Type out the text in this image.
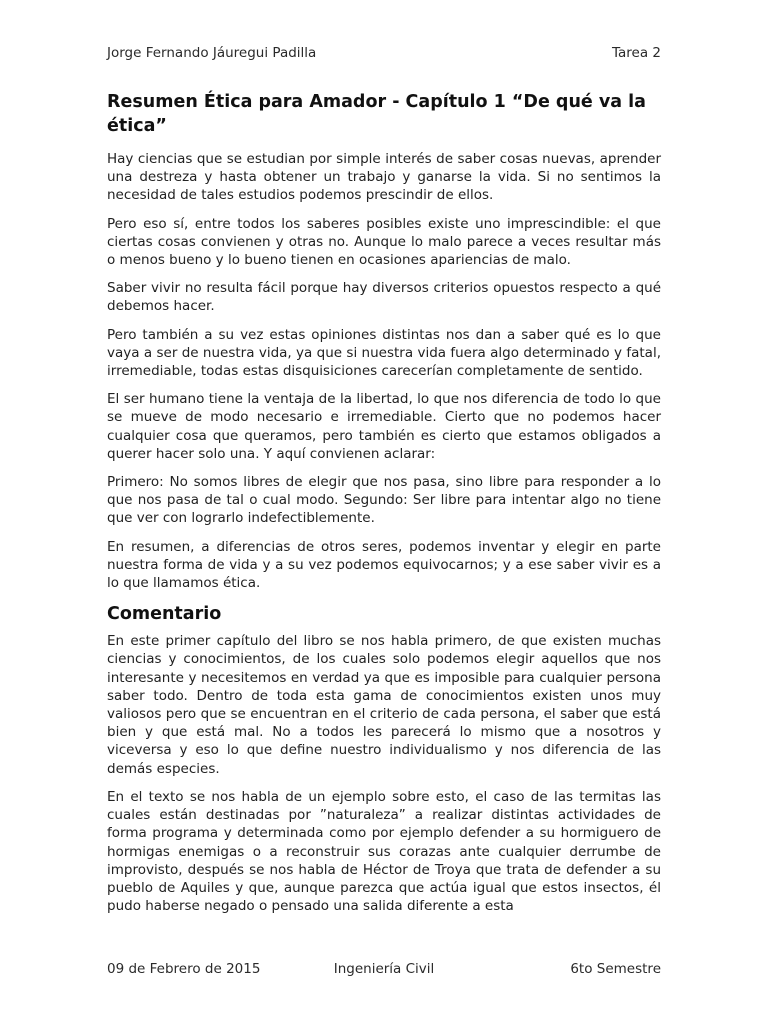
Jorge Fernando Jáuregui Padilla	Tarea 2
Resumen Ética para Amador - Capítulo 1 “De qué va la ética”

Hay ciencias que se estudian por simple interés de saber cosas nuevas, aprender una destreza y hasta obtener un trabajo y ganarse la vida. Si no sentimos la necesidad de tales estudios podemos prescindir de ellos.

Pero eso sí, entre todos los saberes posibles existe uno imprescindible: el que ciertas cosas convienen y otras no. Aunque lo malo parece a veces resultar más o menos bueno y lo bueno tienen en ocasiones apariencias de malo.

Saber vivir no resulta fácil porque hay diversos criterios opuestos respecto a qué debemos hacer.

Pero también a su vez estas opiniones distintas nos dan a saber qué es lo que vaya a ser de nuestra vida, ya que si nuestra vida fuera algo determinado y fatal, irremediable, todas estas disquisiciones carecerían completamente de sentido.

El ser humano tiene la ventaja de la libertad, lo que nos diferencia de todo lo que se mueve de modo necesario e irremediable. Cierto que no podemos hacer cualquier cosa que queramos, pero también es cierto que estamos obligados a querer hacer solo una. Y aquí convienen aclarar:

Primero: No somos libres de elegir que nos pasa, sino libre para responder a lo que nos pasa de tal o cual modo. Segundo: Ser libre para intentar algo no tiene que ver con lograrlo indefectiblemente.

En resumen, a diferencias de otros seres, podemos inventar y elegir en parte nuestra forma de vida y a su vez podemos equivocarnos; y a ese saber vivir es a lo que llamamos ética.

Comentario

En este primer capítulo del libro se nos habla primero, de que existen muchas ciencias y conocimientos, de los cuales solo podemos elegir aquellos que nos interesante y necesitemos en verdad ya que es imposible para cualquier persona saber todo. Dentro de toda esta gama de conocimientos existen unos muy valiosos pero que se encuentran en el criterio de cada persona, el saber que está bien y que está mal. No a todos les parecerá lo mismo que a nosotros y viceversa y eso lo que define nuestro individualismo y nos diferencia de las demás especies.

En el texto se nos habla de un ejemplo sobre esto, el caso de las termitas las cuales están destinadas por ”naturaleza” a realizar distintas actividades de forma programa y determinada como por ejemplo defender a su hormiguero de hormigas enemigas o a reconstruir sus corazas ante cualquier derrumbe de improvisto, después se nos habla de Héctor de Troya que trata de defender a su pueblo de Aquiles y que, aunque parezca que actúa igual que estos insectos, él pudo haberse negado o pensado una salida diferente a esta

09 de Febrero de 2015	Ingeniería Civil	6to Semestre
